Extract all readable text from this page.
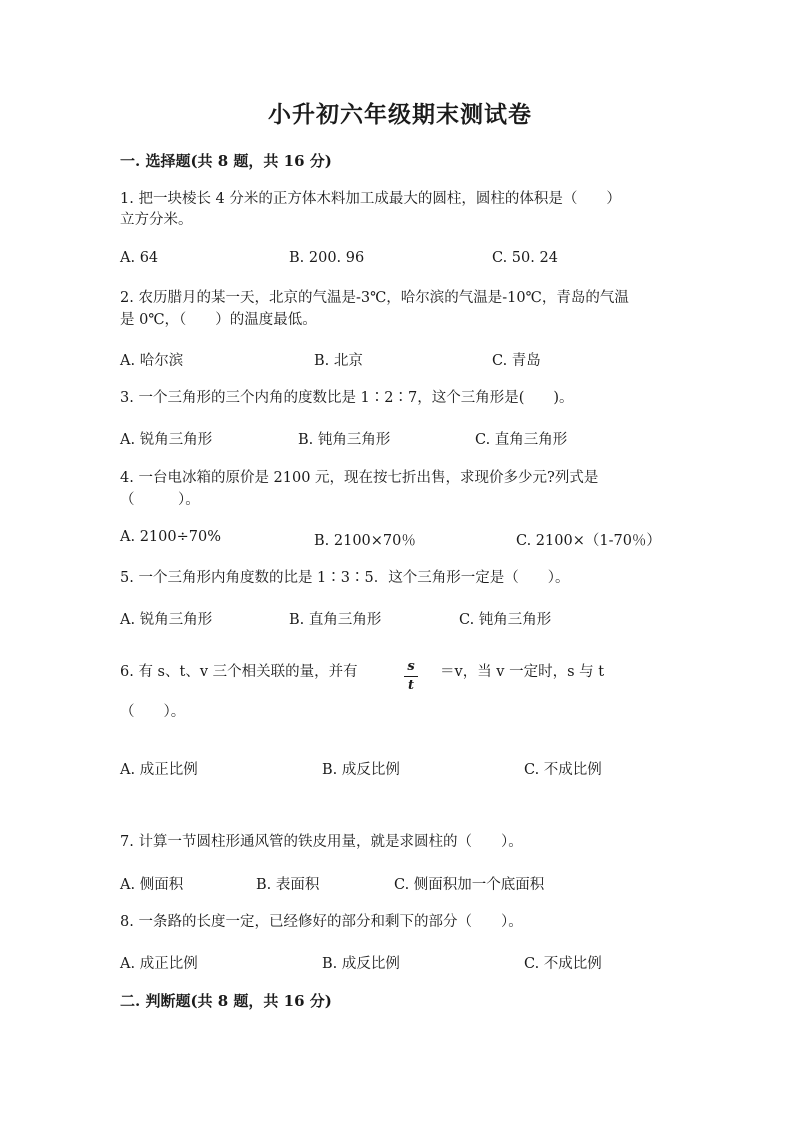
小升初六年级期末测试卷
一. 选择题(共 8 题，共 16 分)
1. 把一块棱长 4 分米的正方体木料加工成最大的圆柱，圆柱的体积是（　　）
立方分米。
A. 64	B. 200. 96	C. 50. 24
2. 农历腊月的某一天，北京的气温是-3℃，哈尔滨的气温是-10℃，青岛的气温
是 0℃，（　　）的温度最低。
A. 哈尔滨	B. 北京	C. 青岛
3. 一个三角形的三个内角的度数比是 1∶2∶7，这个三角形是(　　)。
A. 锐角三角形	B. 钝角三角形	C. 直角三角形
4. 一台电冰箱的原价是 2100 元，现在按七折出售，求现价多少元?列式是
（　　　）。
A. 2100÷70%	B. 2100×70％	C. 2100×（1-70％）
5. 一个三角形内角度数的比是 1∶3∶5．这个三角形一定是（　　）。
A. 锐角三角形	B. 直角三角形	C. 钝角三角形
6. 有 s、t、v 三个相关联的量，并有	s
t
＝v，当 v 一定时，s 与 t
（　　）。
A. 成正比例	B. 成反比例	C. 不成比例
7. 计算一节圆柱形通风管的铁皮用量，就是求圆柱的（　　）。
A. 侧面积	B. 表面积	C. 侧面积加一个底面积
8. 一条路的长度一定，已经修好的部分和剩下的部分（　　）。
A. 成正比例	B. 成反比例	C. 不成比例
二. 判断题(共 8 题，共 16 分)
